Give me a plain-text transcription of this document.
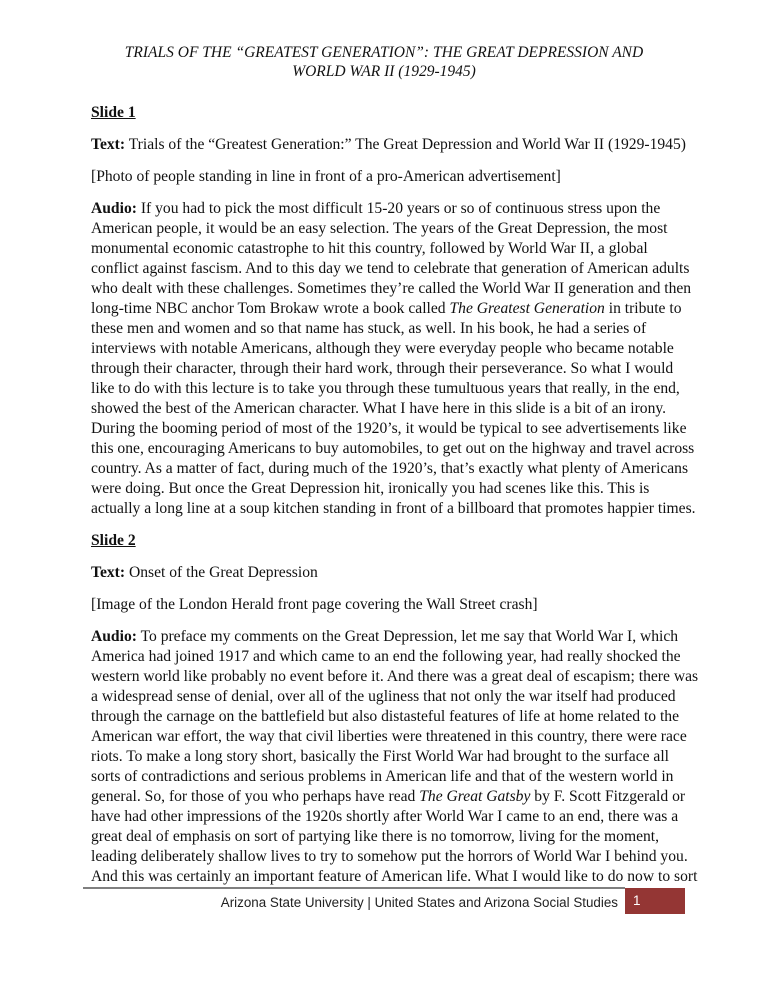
TRIALS OF THE “GREATEST GENERATION”: THE GREAT DEPRESSION AND
WORLD WAR II (1929-1945)
Slide 1
Text: Trials of the “Greatest Generation:” The Great Depression and World War II (1929-1945)
[Photo of people standing in line in front of a pro-American advertisement]
Audio: If you had to pick the most difficult 15-20 years or so of continuous stress upon the
American people, it would be an easy selection. The years of the Great Depression, the most
monumental economic catastrophe to hit this country, followed by World War II, a global
conflict against fascism. And to this day we tend to celebrate that generation of American adults
who dealt with these challenges. Sometimes they’re called the World War II generation and then
long-time NBC anchor Tom Brokaw wrote a book called The Greatest Generation in tribute to
these men and women and so that name has stuck, as well. In his book, he had a series of
interviews with notable Americans, although they were everyday people who became notable
through their character, through their hard work, through their perseverance. So what I would
like to do with this lecture is to take you through these tumultuous years that really, in the end,
showed the best of the American character. What I have here in this slide is a bit of an irony.
During the booming period of most of the 1920’s, it would be typical to see advertisements like
this one, encouraging Americans to buy automobiles, to get out on the highway and travel across
country. As a matter of fact, during much of the 1920’s, that’s exactly what plenty of Americans
were doing. But once the Great Depression hit, ironically you had scenes like this. This is
actually a long line at a soup kitchen standing in front of a billboard that promotes happier times.
Slide 2
Text: Onset of the Great Depression
[Image of the London Herald front page covering the Wall Street crash]
Audio: To preface my comments on the Great Depression, let me say that World War I, which
America had joined 1917 and which came to an end the following year, had really shocked the
western world like probably no event before it. And there was a great deal of escapism; there was
a widespread sense of denial, over all of the ugliness that not only the war itself had produced
through the carnage on the battlefield but also distasteful features of life at home related to the
American war effort, the way that civil liberties were threatened in this country, there were race
riots. To make a long story short, basically the First World War had brought to the surface all
sorts of contradictions and serious problems in American life and that of the western world in
general. So, for those of you who perhaps have read The Great Gatsby by F. Scott Fitzgerald or
have had other impressions of the 1920s shortly after World War I came to an end, there was a
great deal of emphasis on sort of partying like there is no tomorrow, living for the moment,
leading deliberately shallow lives to try to somehow put the horrors of World War I behind you.
And this was certainly an important feature of American life. What I would like to do now to sort
Arizona State University | United States and Arizona Social Studies	1
